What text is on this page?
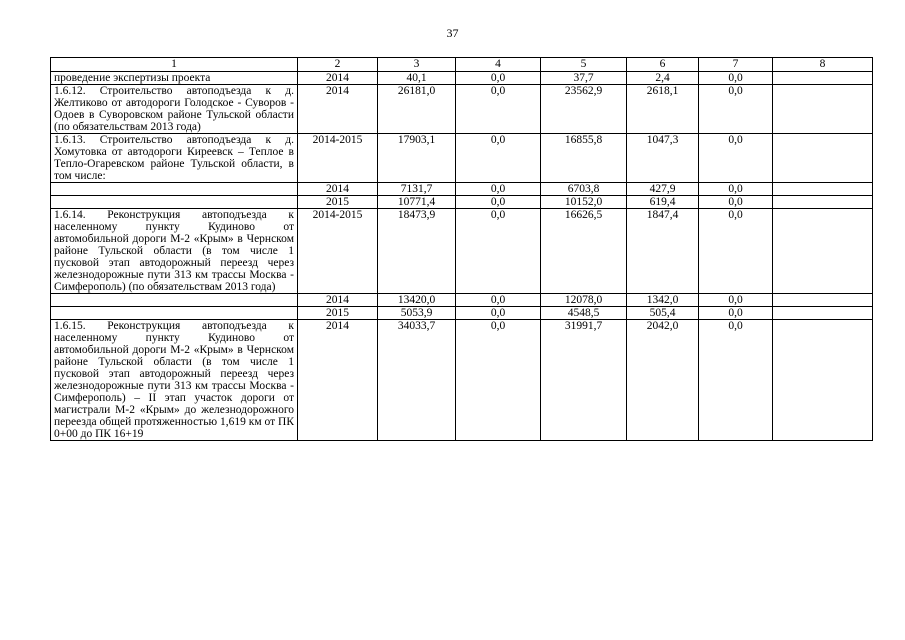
37
1	2	3	4	5	6	7	8
проведение экспертизы проекта	2014	40,1	0,0	37,7	2,4	0,0	
1.6.12. Строительство автоподъезда к д. Желтиково от автодороги Голодское - Суворов - Одоев в Суворовском районе Тульской области (по обязательствам 2013 года)	2014	26181,0	0,0	23562,9	2618,1	0,0	
1.6.13. Строительство автоподъезда к д. Хомутовка от автодороги Киреевск – Теплое в Тепло-Огаревском районе Тульской области, в том числе:	2014-2015	17903,1	0,0	16855,8	1047,3	0,0	
	2014	7131,7	0,0	6703,8	427,9	0,0	
	2015	10771,4	0,0	10152,0	619,4	0,0	
1.6.14. Реконструкция автоподъезда к населенному пункту Кудиново от автомобильной дороги М-2 «Крым» в Чернском районе Тульской области (в том числе 1 пусковой этап автодорожный переезд через железнодорожные пути 313 км трассы Москва - Симферополь) (по обязательствам 2013 года)	2014-2015	18473,9	0,0	16626,5	1847,4	0,0	
	2014	13420,0	0,0	12078,0	1342,0	0,0	
	2015	5053,9	0,0	4548,5	505,4	0,0	
1.6.15. Реконструкция автоподъезда к населенному пункту Кудиново от автомобильной дороги М-2 «Крым» в Чернском районе Тульской области (в том числе 1 пусковой этап автодорожный переезд через железнодорожные пути 313 км трассы Москва - Симферополь) – II этап участок дороги от магистрали М-2 «Крым» до железнодорожного переезда общей протяженностью 1,619 км от ПК 0+00 до ПК 16+19	2014	34033,7	0,0	31991,7	2042,0	0,0	
